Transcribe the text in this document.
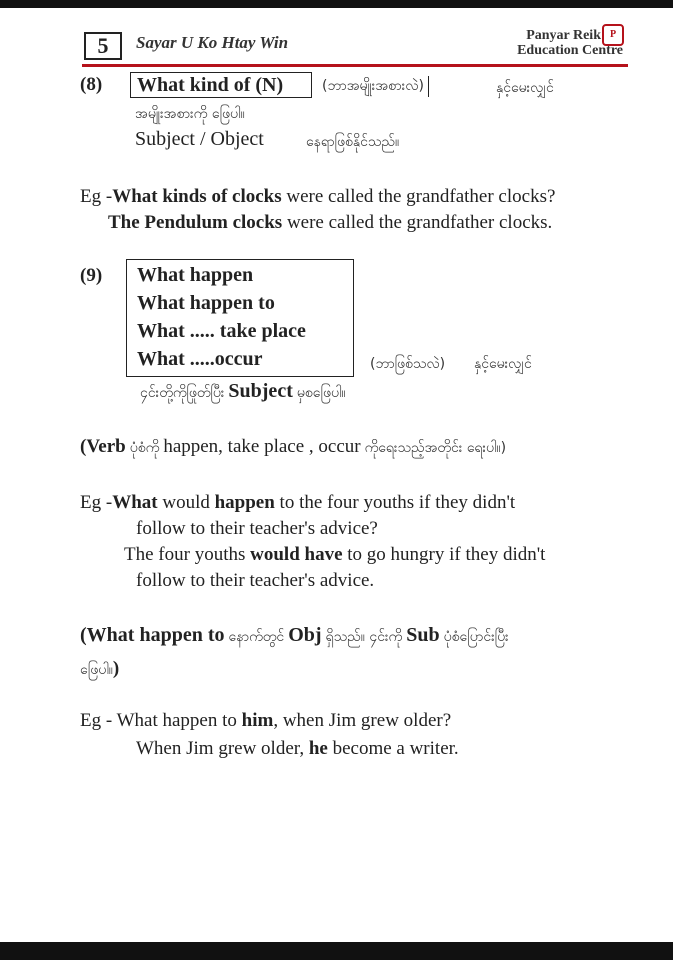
5	Sayar U Ko Htay Win	P
Panyar Reik
Education Centre
(8)	What kind of (N)	(ဘာအမျိုးအစားလဲ)	နှင့်မေးလျှင်
အမျိုးအစားကို ဖြေပါ။
Subject / Object	နေရာဖြစ်နိုင်သည်။
Eg -What kinds of clocks were called the grandfather clocks?
The Pendulum clocks were called the grandfather clocks.
(9) What happen
What happen to
What ..... take place
What .....occur	(ဘာဖြစ်သလဲ) နှင့်မေးလျှင်
၄င်းတို့ကိုဖြုတ်ပြီး Subject မှစဖြေပါ။
(Verb ပုံစံကို happen, take place , occur ကိုရေးသည့်အတိုင်း ရေးပါ။)
Eg -What would happen to the four youths if they didn't
follow to their teacher's advice?
The four youths would have to go hungry if they didn't
follow to their teacher's advice.
(What happen to နောက်တွင် Obj ရှိသည်။ ၄င်းကို Sub ပုံစံပြောင်းပြီး
ဖြေပါ။)
Eg - What happen to him, when Jim grew older?
When Jim grew older, he become a writer.
